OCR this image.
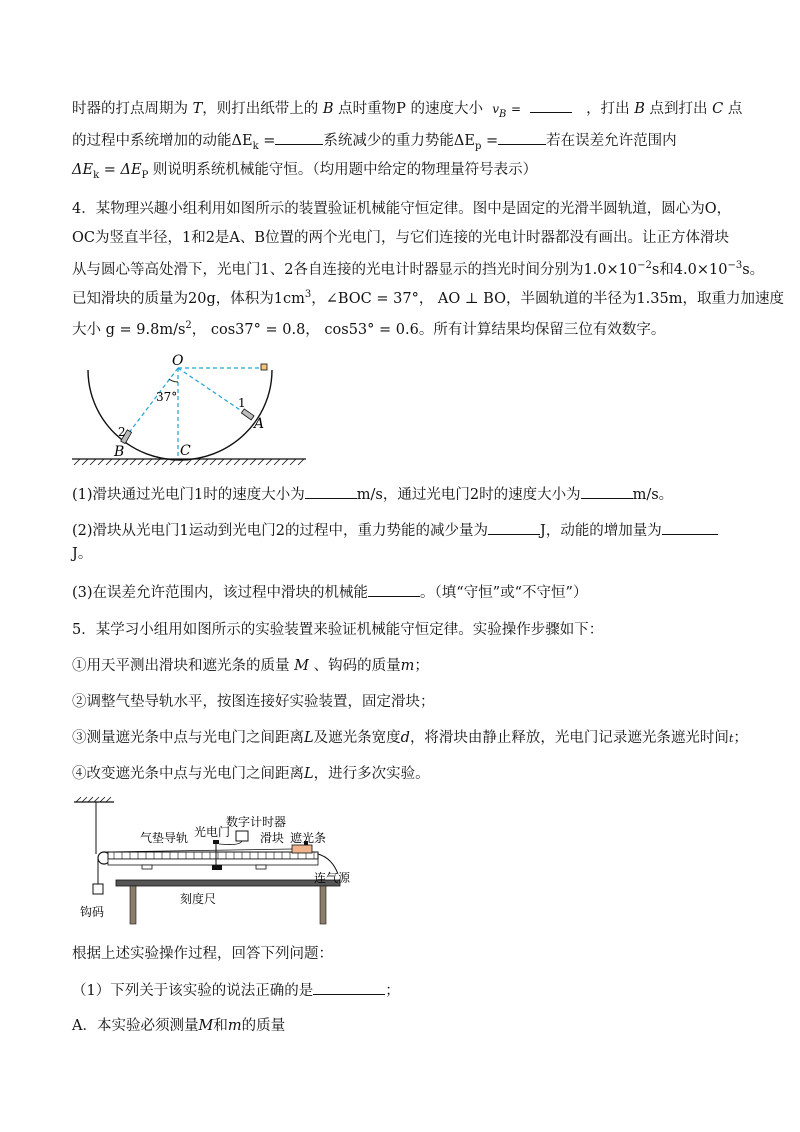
时器的打点周期为 T，则打出纸带上的 B 点时重物P 的速度大小 $v_B$ =	，打出 B 点到打出 C 点
的过程中系统增加的动能$\Delta E_k$ =	系统减少的重力势能$\Delta E_p$ =	若在误差允许范围内
$\Delta E_k = \Delta E_P$ 则说明系统机械能守恒。（均用题中给定的物理量符号表示）
4．某物理兴趣小组利用如图所示的装置验证机械能守恒定律。图中是固定的光滑半圆轨道，圆心为O，
OC为竖直半径，1和2是A、B位置的两个光电门，与它们连接的光电计时器都没有画出。让正方体滑块
从与圆心等高处滑下，光电门1、2各自连接的光电计时器显示的挡光时间分别为$1.0\times 10^{-2}s$和$4.0\times 10^{-3}s$。
已知滑块的质量为20g，体积为$1cm^3$，∠BOC = 37°， AO ⊥ BO，半圆轨道的半径为1.35m，取重力加速度
大小 $g = 9.8m/s^2$， cos37° = 0.8， cos53° = 0.6。所有计算结果均保留三位有效数字。
O
1
A
2
B	C
37°
(1)滑块通过光电门1时的速度大小为	m/s，通过光电门2时的速度大小为	m/s。
(2)滑块从光电门1运动到光电门2的过程中，重力势能的减少量为	J，动能的增加量为
J。
(3)在误差允许范围内，该过程中滑块的机械能	。（填“守恒”或“不守恒”）
5．某学习小组用如图所示的实验装置来验证机械能守恒定律。实验操作步骤如下：
①用天平测出滑块和遮光条的质量 M 、钩码的质量m；
②调整气垫导轨水平，按图连接好实验装置，固定滑块；
③测量遮光条中点与光电门之间距离L及遮光条宽度d，将滑块由静止释放，光电门记录遮光条遮光时间t；
④改变遮光条中点与光电门之间距离L，进行多次实验。
数字计时器
光电门
气垫导轨	滑块 遮光条
连气源
刻度尺
钩码
根据上述实验操作过程，回答下列问题：
（1）下列关于该实验的说法正确的是	；
A．本实验必须测量M和m的质量
